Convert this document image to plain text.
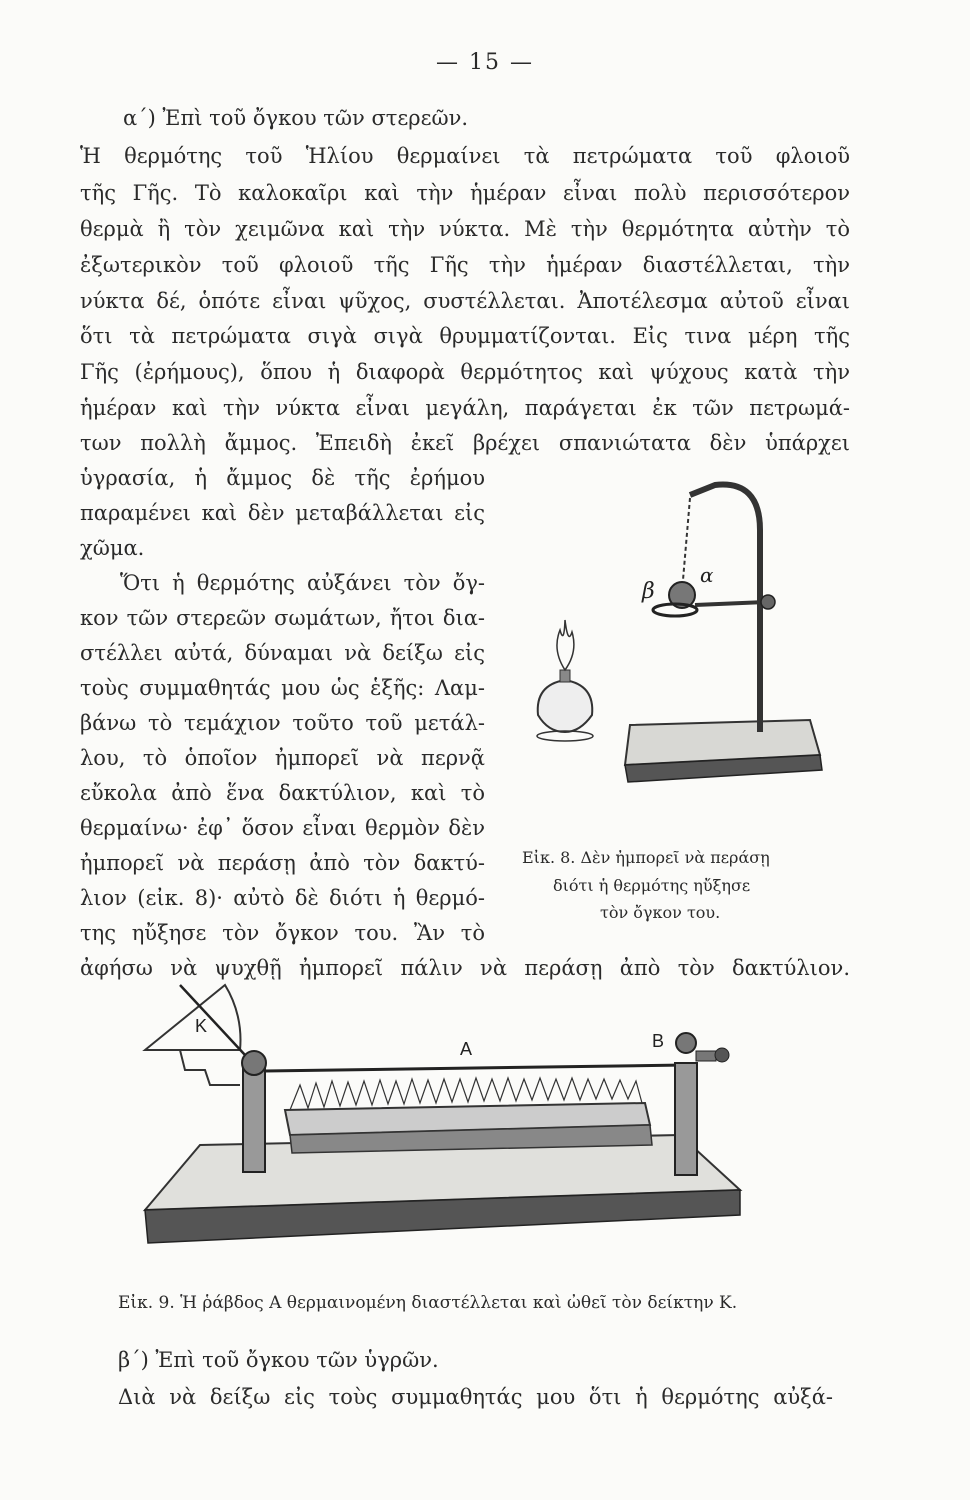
— 15 —
α΄) Ἐπὶ τοῦ ὄγκου τῶν στερεῶν.
Ἡ θερμότης τοῦ Ἡλίου θερμαίνει τὰ πετρώματα τοῦ φλοιοῦ
τῆς Γῆς. Τὸ καλοκαῖρι καὶ τὴν ἡμέραν εἶναι πολὺ περισσότερον
θερμὰ ἢ τὸν χειμῶνα καὶ τὴν νύκτα. Μὲ τὴν θερμότητα αὐτὴν τὸ
ἐξωτερικὸν τοῦ φλοιοῦ τῆς Γῆς τὴν ἡμέραν διαστέλλεται, τὴν
νύκτα δέ, ὁπότε εἶναι ψῦχος, συστέλλεται. Ἀποτέλεσμα αὐτοῦ εἶναι
ὅτι τὰ πετρώματα σιγὰ σιγὰ θρυμματίζονται. Εἰς τινα μέρη τῆς
Γῆς (ἐρήμους), ὅπου ἡ διαφορὰ θερμότητος καὶ ψύχους κατὰ τὴν
ἡμέραν καὶ τὴν νύκτα εἶναι μεγάλη, παράγεται ἐκ τῶν πετρωμά-
των πολλὴ ἄμμος. Ἐπειδὴ ἐκεῖ βρέχει σπανιώτατα δὲν ὑπάρχει
ὑγρασία, ἡ ἄμμος δὲ τῆς ἐρήμου
παραμένει καὶ δὲν μεταβάλλεται εἰς
χῶμα.
Ὅτι ἡ θερμότης αὐξάνει τὸν ὄγ-
κον τῶν στερεῶν σωμάτων, ἤτοι δια-
στέλλει αὐτά, δύναμαι νὰ δείξω εἰς
τοὺς συμμαθητάς μου ὡς ἑξῆς: Λαμ-
βάνω τὸ τεμάχιον τοῦτο τοῦ μετάλ-
λου, τὸ ὁποῖον ἠμπορεῖ νὰ περνᾷ
εὔκολα ἀπὸ ἕνα δακτύλιον, καὶ τὸ
θερμαίνω· ἐφ᾽ ὅσον εἶναι θερμὸν δὲν
ἠμπορεῖ νὰ περάσῃ ἀπὸ τὸν δακτύ-
λιον (εἰκ. 8)· αὐτὸ δὲ διότι ἡ θερμό-
της ηὔξησε τὸν ὄγκον του. Ἂν τὸ
ἀφήσω νὰ ψυχθῇ ἠμπορεῖ πάλιν νὰ περάσῃ ἀπὸ τὸν δακτύλιον.
β
α
Εἰκ. 8. Δὲν ἠμπορεῖ νὰ περάσῃ
διότι ἡ θερμότης ηὔξησε
τὸν ὄγκον του.
K
A	B
Εἰκ. 9. Ἡ ῥάβδος Α θερμαινομένη διαστέλλεται καὶ ὠθεῖ τὸν δείκτην Κ.
β΄) Ἐπὶ τοῦ ὄγκου τῶν ὑγρῶν.
Διὰ νὰ δείξω εἰς τοὺς συμμαθητάς μου ὅτι ἡ θερμότης αὐξά-
